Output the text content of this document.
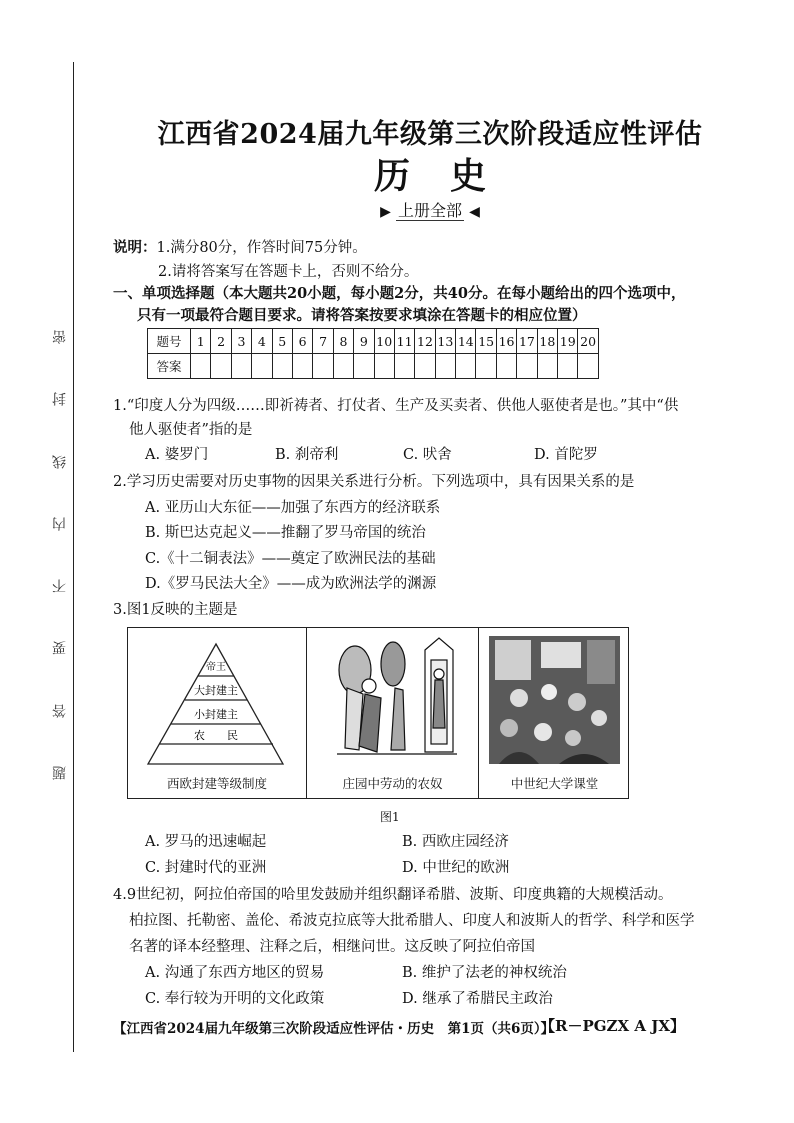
密
封
线
内
不
要
答
题
江西省2024届九年级第三次阶段适应性评估
历史
▶ 上册全部 ◀
说明：1.满分80分，作答时间75分钟。
2.请将答案写在答题卡上，否则不给分。
一、单项选择题（本大题共20小题，每小题2分，共40分。在每小题给出的四个选项中，
只有一项最符合题目要求。请将答案按要求填涂在答题卡的相应位置）
题号	1	2	3	4	5	6	7	8	9	10	11	12	13	14	15	16	17	18	19	20
答案																				
1.“印度人分为四级……即祈祷者、打仗者、生产及买卖者、供他人驱使者是也。”其中“供
他人驱使者”指的是
A. 婆罗门	B. 刹帝利	C. 吠舍	D. 首陀罗
2.学习历史需要对历史事物的因果关系进行分析。下列选项中，具有因果关系的是
A. 亚历山大东征——加强了东西方的经济联系
B. 斯巴达克起义——推翻了罗马帝国的统治
C.《十二铜表法》——奠定了欧洲民法的基础
D.《罗马民法大全》——成为欧洲法学的渊源
3.图1反映的主题是
帝王
大封建主
小封建主
农　　民
西欧封建等级制度	庄园中劳动的农奴	中世纪大学课堂
图1
A. 罗马的迅速崛起	B. 西欧庄园经济
C. 封建时代的亚洲	D. 中世纪的欧洲
4.9世纪初，阿拉伯帝国的哈里发鼓励并组织翻译希腊、波斯、印度典籍的大规模活动。
柏拉图、托勒密、盖伦、希波克拉底等大批希腊人、印度人和波斯人的哲学、科学和医学
名著的译本经整理、注释之后，相继问世。这反映了阿拉伯帝国
A. 沟通了东西方地区的贸易	B. 维护了法老的神权统治
C. 奉行较为开明的文化政策	D. 继承了希腊民主政治
【江西省2024届九年级第三次阶段适应性评估・历史　第1页（共6页）】
【R－PGZX A JX】
